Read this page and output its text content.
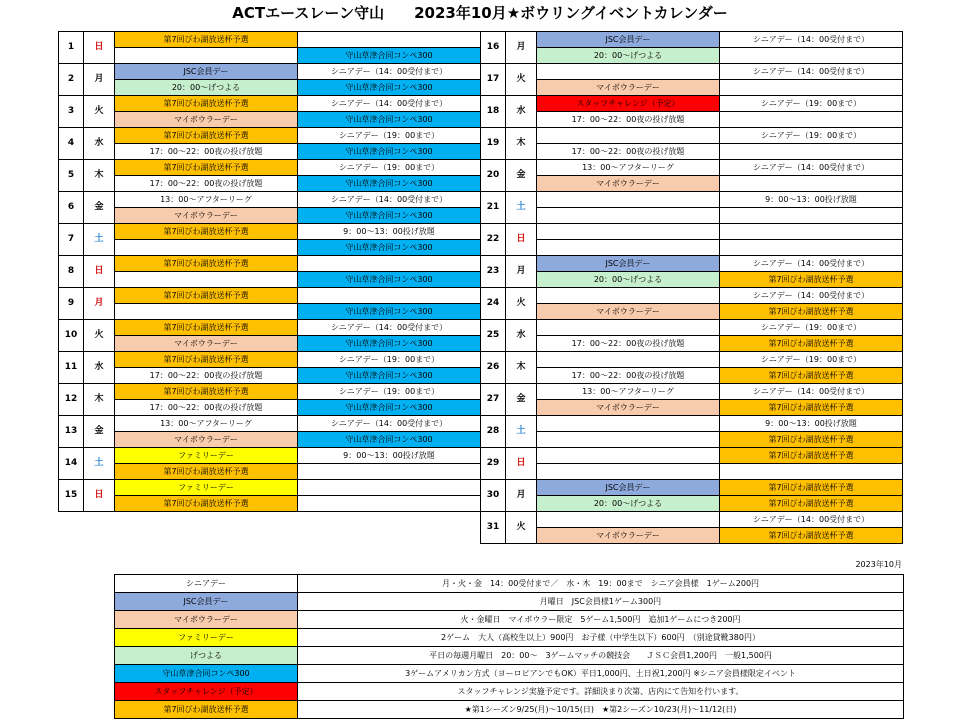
ACTエースレーン守山　　2023年10月★ボウリングイベントカレンダー
1	日	第7回びわ湖放送杯予選	
			守山草津合同コンペ300
2	月	JSC会員デー	シニアデー（14：00受付まで）
		20：00～げつよる	守山草津合同コンペ300
3	火	第7回びわ湖放送杯予選	シニアデー（14：00受付まで）
		マイボウラーデー	守山草津合同コンペ300
4	水	第7回びわ湖放送杯予選	シニアデー（19：00まで）
		17：00～22：00夜の投げ放題	守山草津合同コンペ300
5	木	第7回びわ湖放送杯予選	シニアデー（19：00まで）
		17：00～22：00夜の投げ放題	守山草津合同コンペ300
6	金	13：00～アフターリーグ	シニアデー（14：00受付まで）
		マイボウラーデー	守山草津合同コンペ300
7	土	第7回びわ湖放送杯予選	9：00～13：00投げ放題
			守山草津合同コンペ300
8	日	第7回びわ湖放送杯予選	
			守山草津合同コンペ300
9	月	第7回びわ湖放送杯予選	
			守山草津合同コンペ300
10	火	第7回びわ湖放送杯予選	シニアデー（14：00受付まで）
		マイボウラーデー	守山草津合同コンペ300
11	水	第7回びわ湖放送杯予選	シニアデー（19：00まで）
		17：00～22：00夜の投げ放題	守山草津合同コンペ300
12	木	第7回びわ湖放送杯予選	シニアデー（19：00まで）
		17：00～22：00夜の投げ放題	守山草津合同コンペ300
13	金	13：00～アフターリーグ	シニアデー（14：00受付まで）
		マイボウラーデー	守山草津合同コンペ300
14	土	ファミリーデー	9：00～13：00投げ放題
		第7回びわ湖放送杯予選	
15	日	ファミリーデー	
		第7回びわ湖放送杯予選	
16	月	JSC会員デー	シニアデー（14：00受付まで）
		20：00～げつよる	
17	火		シニアデー（14：00受付まで）
		マイボウラーデー	
18	水	スタッフチャレンジ（予定）	シニアデー（19：00まで）
		17：00～22：00夜の投げ放題	
19	木		シニアデー（19：00まで）
		17：00～22：00夜の投げ放題	
20	金	13：00～アフターリーグ	シニアデー（14：00受付まで）
		マイボウラーデー	
21	土		9：00～13：00投げ放題

22	日		

23	月	JSC会員デー	シニアデー（14：00受付まで）
		20：00～げつよる	第7回びわ湖放送杯予選
24	火		シニアデー（14：00受付まで）
		マイボウラーデー	第7回びわ湖放送杯予選
25	水		シニアデー（19：00まで）
		17：00～22：00夜の投げ放題	第7回びわ湖放送杯予選
26	木		シニアデー（19：00まで）
		17：00～22：00夜の投げ放題	第7回びわ湖放送杯予選
27	金	13：00～アフターリーグ	シニアデー（14：00受付まで）
		マイボウラーデー	第7回びわ湖放送杯予選
28	土		9：00～13：00投げ放題
			第7回びわ湖放送杯予選
29	日		第7回びわ湖放送杯予選

30	月	JSC会員デー	第7回びわ湖放送杯予選
		20：00～げつよる	第7回びわ湖放送杯予選
31	火		シニアデー（14：00受付まで）
		マイボウラーデー	第7回びわ湖放送杯予選
2023年10月
シニアデー	月・火・金　14：00受付まで／　水・木　19：00まで　シニア会員様　1ゲーム200円
JSC会員デー	月曜日　JSC会員様1ゲーム300円
マイボウラーデー	火・金曜日　マイボウラー限定　5ゲーム1,500円　追加1ゲームにつき200円
ファミリーデー	2ゲーム　大人（高校生以上）900円　お子様（中学生以下）600円　（別途貸靴380円）
げつよる	平日の毎週月曜日　20：00～　3ゲームマッチの競技会　　ＪＳＣ会員1,200円　一般1,500円
守山草津合同コンペ300	3ゲームアメリカン方式（ヨーロピアンでもOK）平日1,000円、土日祝1,200円 ※シニア会員様限定イベント
スタッフチャレンジ（予定）	スタッフチャレンジ実施予定です。詳細決まり次第、店内にて告知を行います。
第7回びわ湖放送杯予選	★第1シーズン9/25(月)～10/15(日)　★第2シーズン10/23(月)～11/12(日)
